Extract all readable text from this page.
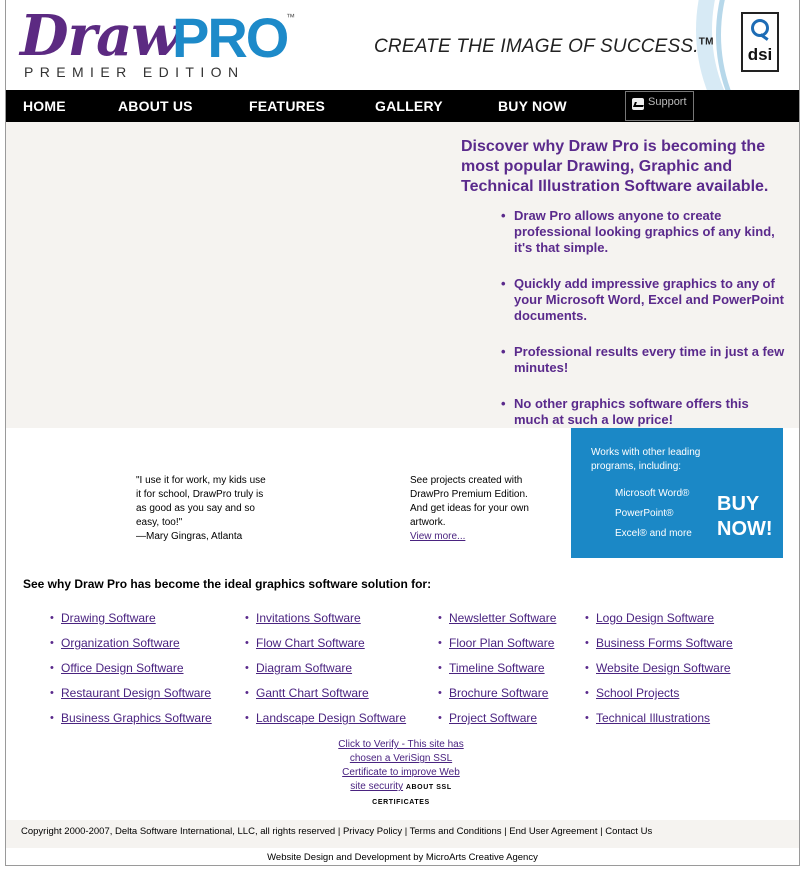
Draw
PRO
™
PREMIER EDITION
CREATE THE IMAGE OF SUCCESS.™
dsi
HOME	ABOUT US	FEATURES	GALLERY	BUY NOW	Support
Discover why Draw Pro is becoming the most popular Drawing, Graphic and Technical Illustration Software available.
• Draw Pro allows anyone to create professional looking graphics of any kind, it's that simple.
• Quickly add impressive graphics to any of your Microsoft Word, Excel and PowerPoint documents.
• Professional results every time in just a few minutes!
• No other graphics software offers this much at such a low price!
"I use it for work, my kids use it for school, DrawPro truly is as good as you say and so easy, too!"
—Mary Gingras, Atlanta
See projects created with DrawPro Premium Edition. And get ideas for your own artwork.
View more...
Works with other leading programs, including:
Microsoft Word®
PowerPoint®
Excel® and more
BUY
NOW!
See why Draw Pro has become the ideal graphics software solution for:
• Drawing Software
• Organization Software
• Office Design Software
• Restaurant Design Software
• Business Graphics Software
• Invitations Software
• Flow Chart Software
• Diagram Software
• Gantt Chart Software
• Landscape Design Software
• Newsletter Software
• Floor Plan Software
• Timeline Software
• Brochure Software
• Project Software
• Logo Design Software
• Business Forms Software
• Website Design Software
• School Projects
• Technical Illustrations
Click to Verify - This site has chosen a VeriSign SSL Certificate to improve Web site security ABOUT SSL CERTIFICATES
Copyright 2000-2007, Delta Software International, LLC, all rights reserved | Privacy Policy | Terms and Conditions | End User Agreement | Contact Us
Website Design and Development by MicroArts Creative Agency
